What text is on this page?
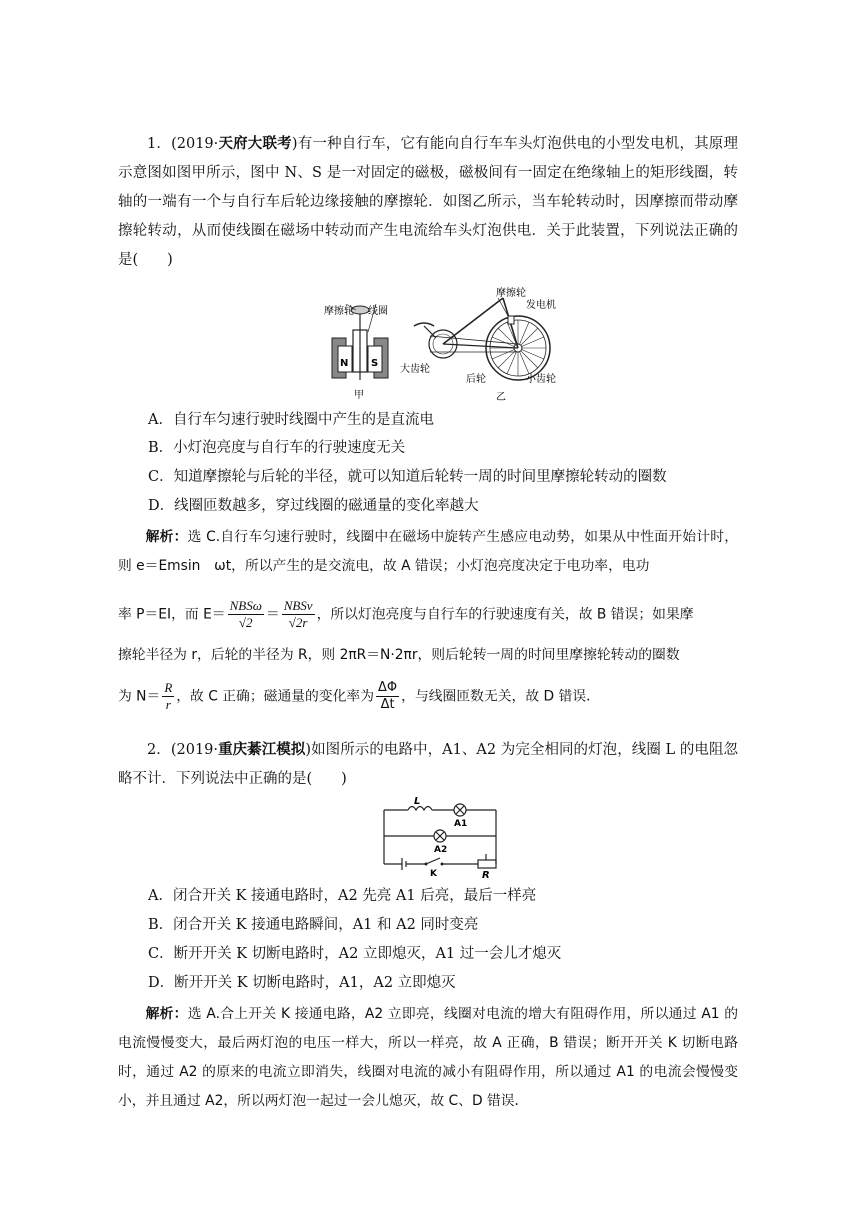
1．(2019·天府大联考)有一种自行车，它有能向自行车车头灯泡供电的小型发电机，其原理示意图如图甲所示，图中 N、S 是一对固定的磁极，磁极间有一固定在绝缘轴上的矩形线圈，转轴的一端有一个与自行车后轮边缘接触的摩擦轮．如图乙所示，当车轮转动时，因摩擦而带动摩擦轮转动，从而使线圈在磁场中转动而产生电流给车头灯泡供电．关于此装置，下列说法正确的是(　　)
N S
摩擦轮 线圈
甲
摩擦轮
发电机
大齿轮
后轮	小齿轮
乙
A．自行车匀速行驶时线圈中产生的是直流电
B．小灯泡亮度与自行车的行驶速度无关
C．知道摩擦轮与后轮的半径，就可以知道后轮转一周的时间里摩擦轮转动的圈数
D．线圈匝数越多，穿过线圈的磁通量的变化率越大
解析：选 C.自行车匀速行驶时，线圈中在磁场中旋转产生感应电动势，如果从中性面开始计时，则 e＝Emsin　ωt，所以产生的是交流电，故 A 错误；小灯泡亮度决定于电功率，电功
率 P＝EI，而 $E= \frac{\text{NBSω}}{√2} = \frac{\text{NBSv}}{√2r}$ ，所以灯泡亮度与自行车的行驶速度有关，故 B 错误；如果摩
擦轮半径为 r，后轮的半径为 R，则 2πR＝N·2πr，则后轮转一周的时间里摩擦轮转动的圈数
为 $N= \frac{R}{r}$ ，故 C 正确；磁通量的变化率为 $\frac{\Delta\Phi}{\Delta t}$ ，与线圈匝数无关，故 D 错误．
2．(2019·重庆綦江模拟)如图所示的电路中，A1、A2 为完全相同的灯泡，线圈 L 的电阻忽略不计．下列说法中正确的是(　　)
L
A1
A2
K	R
A．闭合开关 K 接通电路时，A2 先亮 A1 后亮，最后一样亮
B．闭合开关 K 接通电路瞬间，A1 和 A2 同时变亮
C．断开开关 K 切断电路时，A2 立即熄灭，A1 过一会儿才熄灭
D．断开开关 K 切断电路时，A1，A2 立即熄灭
解析：选 A.合上开关 K 接通电路，A2 立即亮，线圈对电流的增大有阻碍作用，所以通过 A1 的电流慢慢变大，最后两灯泡的电压一样大，所以一样亮，故 A 正确，B 错误；断开开关 K 切断电路时，通过 A2 的原来的电流立即消失，线圈对电流的减小有阻碍作用，所以通过 A1 的电流会慢慢变小，并且通过 A2，所以两灯泡一起过一会儿熄灭，故 C、D 错误．
